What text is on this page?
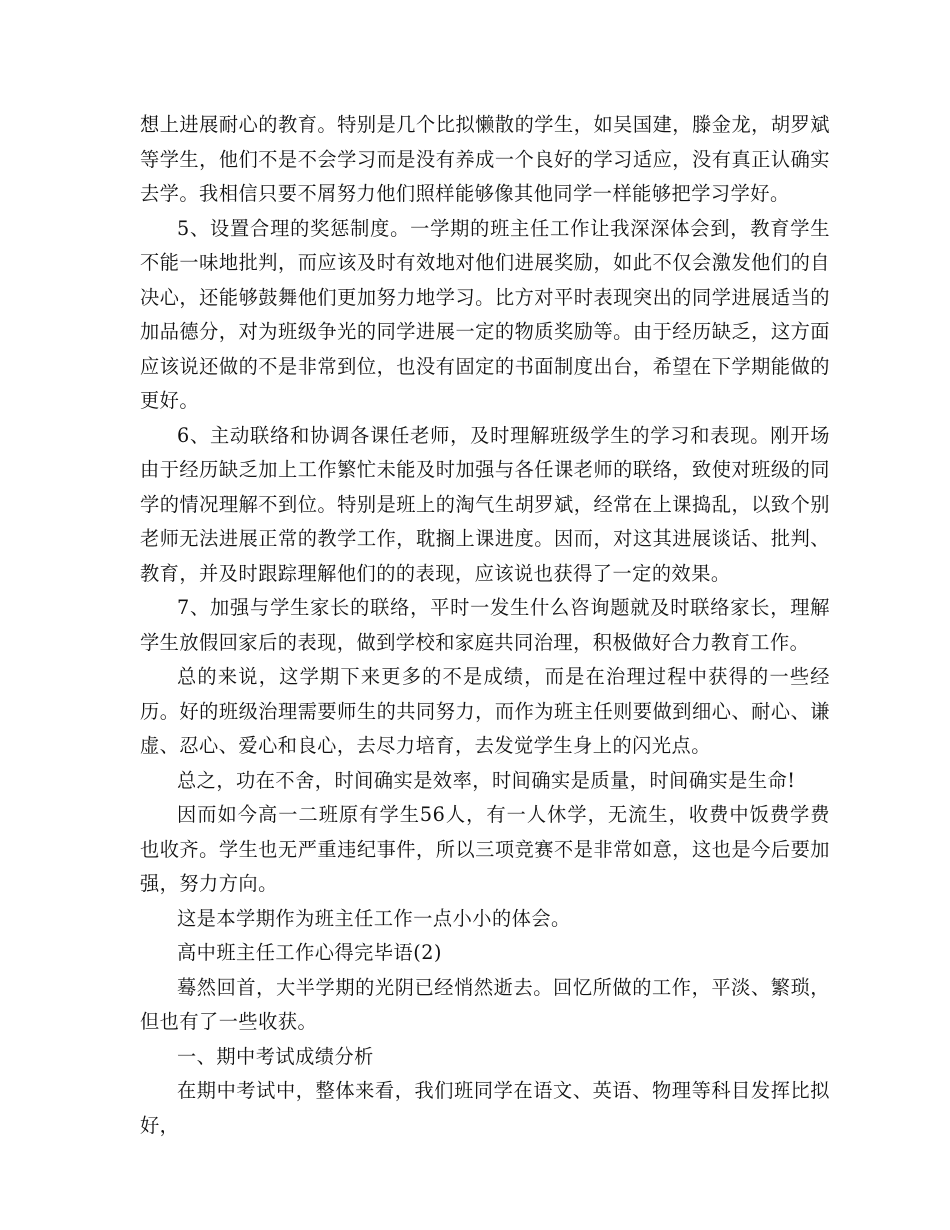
想上进展耐心的教育。特别是几个比拟懒散的学生，如吴国建，滕金龙，胡罗斌等学生，他们不是不会学习而是没有养成一个良好的学习适应，没有真正认确实去学。我相信只要不屑努力他们照样能够像其他同学一样能够把学习学好。

5、设置合理的奖惩制度。一学期的班主任工作让我深深体会到，教育学生不能一味地批判，而应该及时有效地对他们进展奖励，如此不仅会激发他们的自决心，还能够鼓舞他们更加努力地学习。比方对平时表现突出的同学进展适当的加品德分，对为班级争光的同学进展一定的物质奖励等。由于经历缺乏，这方面应该说还做的不是非常到位，也没有固定的书面制度出台，希望在下学期能做的更好。

6、主动联络和协调各课任老师，及时理解班级学生的学习和表现。刚开场由于经历缺乏加上工作繁忙未能及时加强与各任课老师的联络，致使对班级的同学的情况理解不到位。特别是班上的淘气生胡罗斌，经常在上课捣乱，以致个别老师无法进展正常的教学工作，耽搁上课进度。因而，对这其进展谈话、批判、教育，并及时跟踪理解他们的的表现，应该说也获得了一定的效果。

7、加强与学生家长的联络，平时一发生什么咨询题就及时联络家长，理解学生放假回家后的表现，做到学校和家庭共同治理，积极做好合力教育工作。

总的来说，这学期下来更多的不是成绩，而是在治理过程中获得的一些经历。好的班级治理需要师生的共同努力，而作为班主任则要做到细心、耐心、谦虚、忍心、爱心和良心，去尽力培育，去发觉学生身上的闪光点。

总之，功在不舍，时间确实是效率，时间确实是质量，时间确实是生命!

因而如今高一二班原有学生56人，有一人休学，无流生，收费中饭费学费也收齐。学生也无严重违纪事件，所以三项竞赛不是非常如意，这也是今后要加强，努力方向。

这是本学期作为班主任工作一点小小的体会。

高中班主任工作心得完毕语(2)

蓦然回首，大半学期的光阴已经悄然逝去。回忆所做的工作，平淡、繁琐，但也有了一些收获。

一、期中考试成绩分析

在期中考试中，整体来看，我们班同学在语文、英语、物理等科目发挥比拟好，
